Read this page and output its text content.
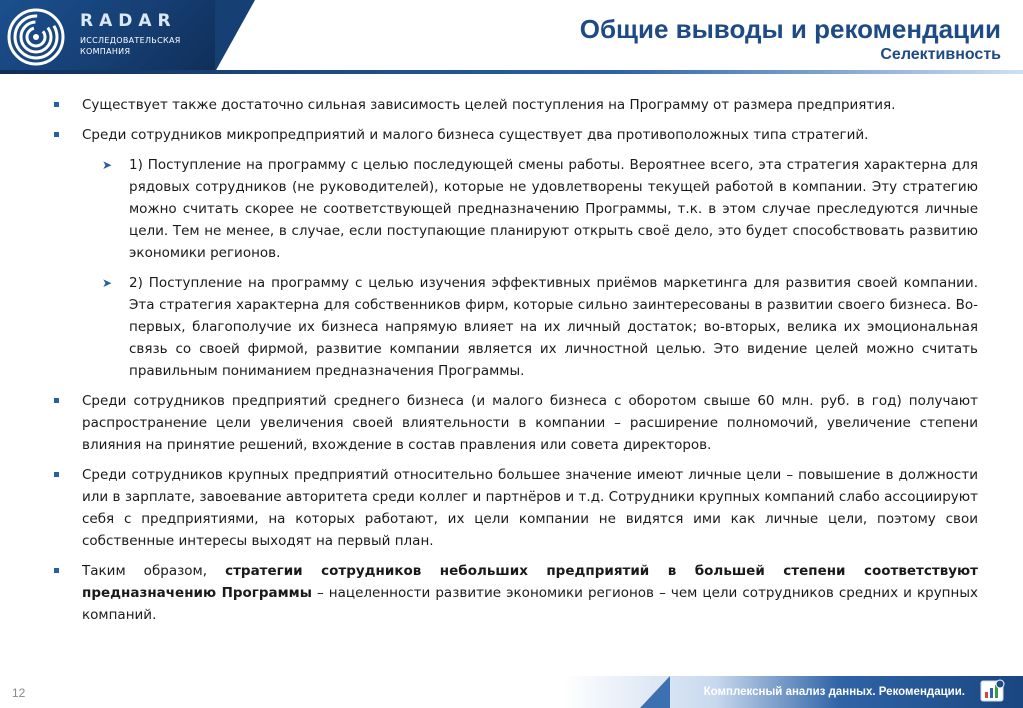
RADAR
ИССЛЕДОВАТЕЛЬСКАЯ
КОМПАНИЯ
Общие выводы и рекомендации
Селективность
Существует также достаточно сильная зависимость целей поступления на Программу от размера предприятия.
Среди сотрудников микропредприятий и малого бизнеса существует два противоположных типа стратегий.
➤ 1) Поступление на программу с целью последующей смены работы. Вероятнее всего, эта стратегия характерна для рядовых сотрудников (не руководителей), которые не удовлетворены текущей работой в компании. Эту стратегию можно считать скорее не соответствующей предназначению Программы, т.к. в этом случае преследуются личные цели. Тем не менее, в случае, если поступающие планируют открыть своё дело, это будет способствовать развитию экономики регионов.
➤ 2) Поступление на программу с целью изучения эффективных приёмов маркетинга для развития своей компании. Эта стратегия характерна для собственников фирм, которые сильно заинтересованы в развитии своего бизнеса. Во-первых, благополучие их бизнеса напрямую влияет на их личный достаток; во-вторых, велика их эмоциональная связь со своей фирмой, развитие компании является их личностной целью. Это видение целей можно считать правильным пониманием предназначения Программы.
Среди сотрудников предприятий среднего бизнеса (и малого бизнеса с оборотом свыше 60 млн. руб. в год) получают распространение цели увеличения своей влиятельности в компании – расширение полномочий, увеличение степени влияния на принятие решений, вхождение в состав правления или совета директоров.
Среди сотрудников крупных предприятий относительно большее значение имеют личные цели – повышение в должности или в зарплате, завоевание авторитета среди коллег и партнёров и т.д. Сотрудники крупных компаний слабо ассоциируют себя с предприятиями, на которых работают, их цели компании не видятся ими как личные цели, поэтому свои собственные интересы выходят на первый план.
Таким образом, стратегии сотрудников небольших предприятий в большей степени соответствуют предназначению Программы – нацеленности развитие экономики регионов – чем цели сотрудников средних и крупных компаний.
12	Комплексный анализ данных. Рекомендации.
